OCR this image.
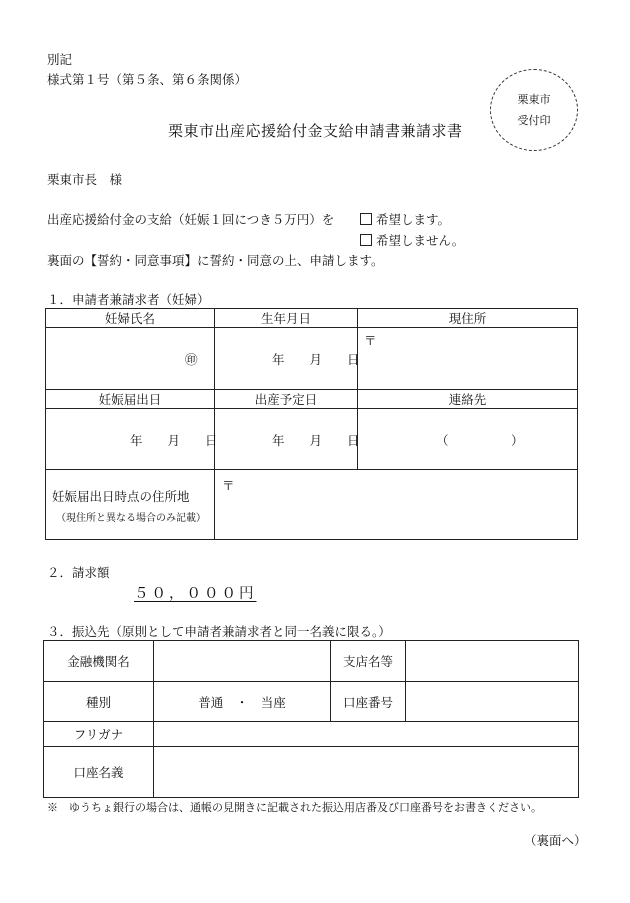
別記
様式第１号（第５条、第６条関係）
栗東市
受付印
栗東市出産応援給付金支給申請書兼請求書
栗東市長　様
出産応援給付金の支給（妊娠１回につき５万円）を	希望します。
希望しません。
裏面の【誓約・同意事項】に誓約・同意の上、申請します。
１．申請者兼請求者（妊婦）
妊婦氏名	生年月日	現住所
㊞	年　　月　　日
〒
妊娠届出日	出産予定日	連絡先
年　　月　　日	年　　月　　日	（　　　　　）
妊娠届出日時点の住所地
（現住所と異なる場合のみ記載）
〒
２．請求額
５０，０００円
３．振込先（原則として申請者兼請求者と同一名義に限る。）
金融機関名	支店名等
種別	普通　・　当座	口座番号
フリガナ
口座名義
※　ゆうちょ銀行の場合は、通帳の見開きに記載された振込用店番及び口座番号をお書きください。
（裏面へ）
